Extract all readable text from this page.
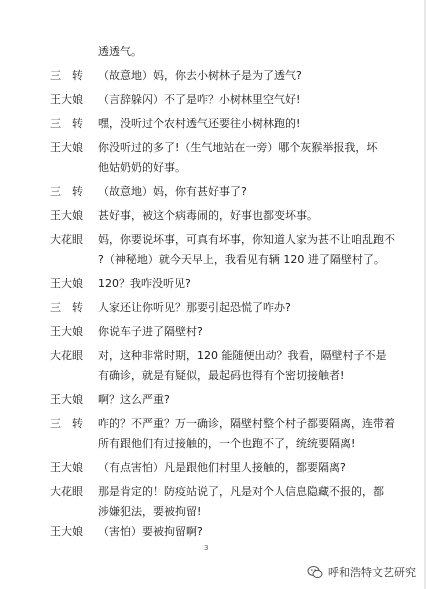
透透气。
三　转 （故意地）妈，你去小树林子是为了透气?
王大娘 （言辞躲闪）不了是咋？小树林里空气好!
三　转 嘿，没听过个农村透气还要往小树林跑的!
王大娘 你没听过的多了!（生气地站在一旁）哪个灰猴举报我，坏
他姑奶奶的好事。
三　转 （故意地）妈，你有甚好事了?
王大娘 甚好事，被这个病毒闹的，好事也都变坏事。
大花眼 妈，你要说坏事，可真有坏事，你知道人家为甚不让咱乱跑不
?（神秘地）就今天早上，我看见有辆 120 进了隔壁村了。
王大娘 120？我咋没听见?
三　转 人家还让你听见？那要引起恐慌了咋办?
王大娘 你说车子进了隔壁村?
大花眼 对，这种非常时期，120 能随便出动？我看，隔壁村子不是
有确诊，就是有疑似，最起码也得有个密切接触者!
王大娘 啊？这么严重?
三　转 咋的？不严重？万一确诊，隔壁村整个村子都要隔离，连带着
所有跟他们有过接触的，一个也跑不了，统统要隔离!
王大娘 （有点害怕）凡是跟他们村里人接触的，都要隔离?
大花眼 那是肯定的！防疫站说了，凡是对个人信息隐藏不报的，都
涉嫌犯法，要被拘留!
王大娘 （害怕）要被拘留啊?
3
呼和浩特文艺研究
